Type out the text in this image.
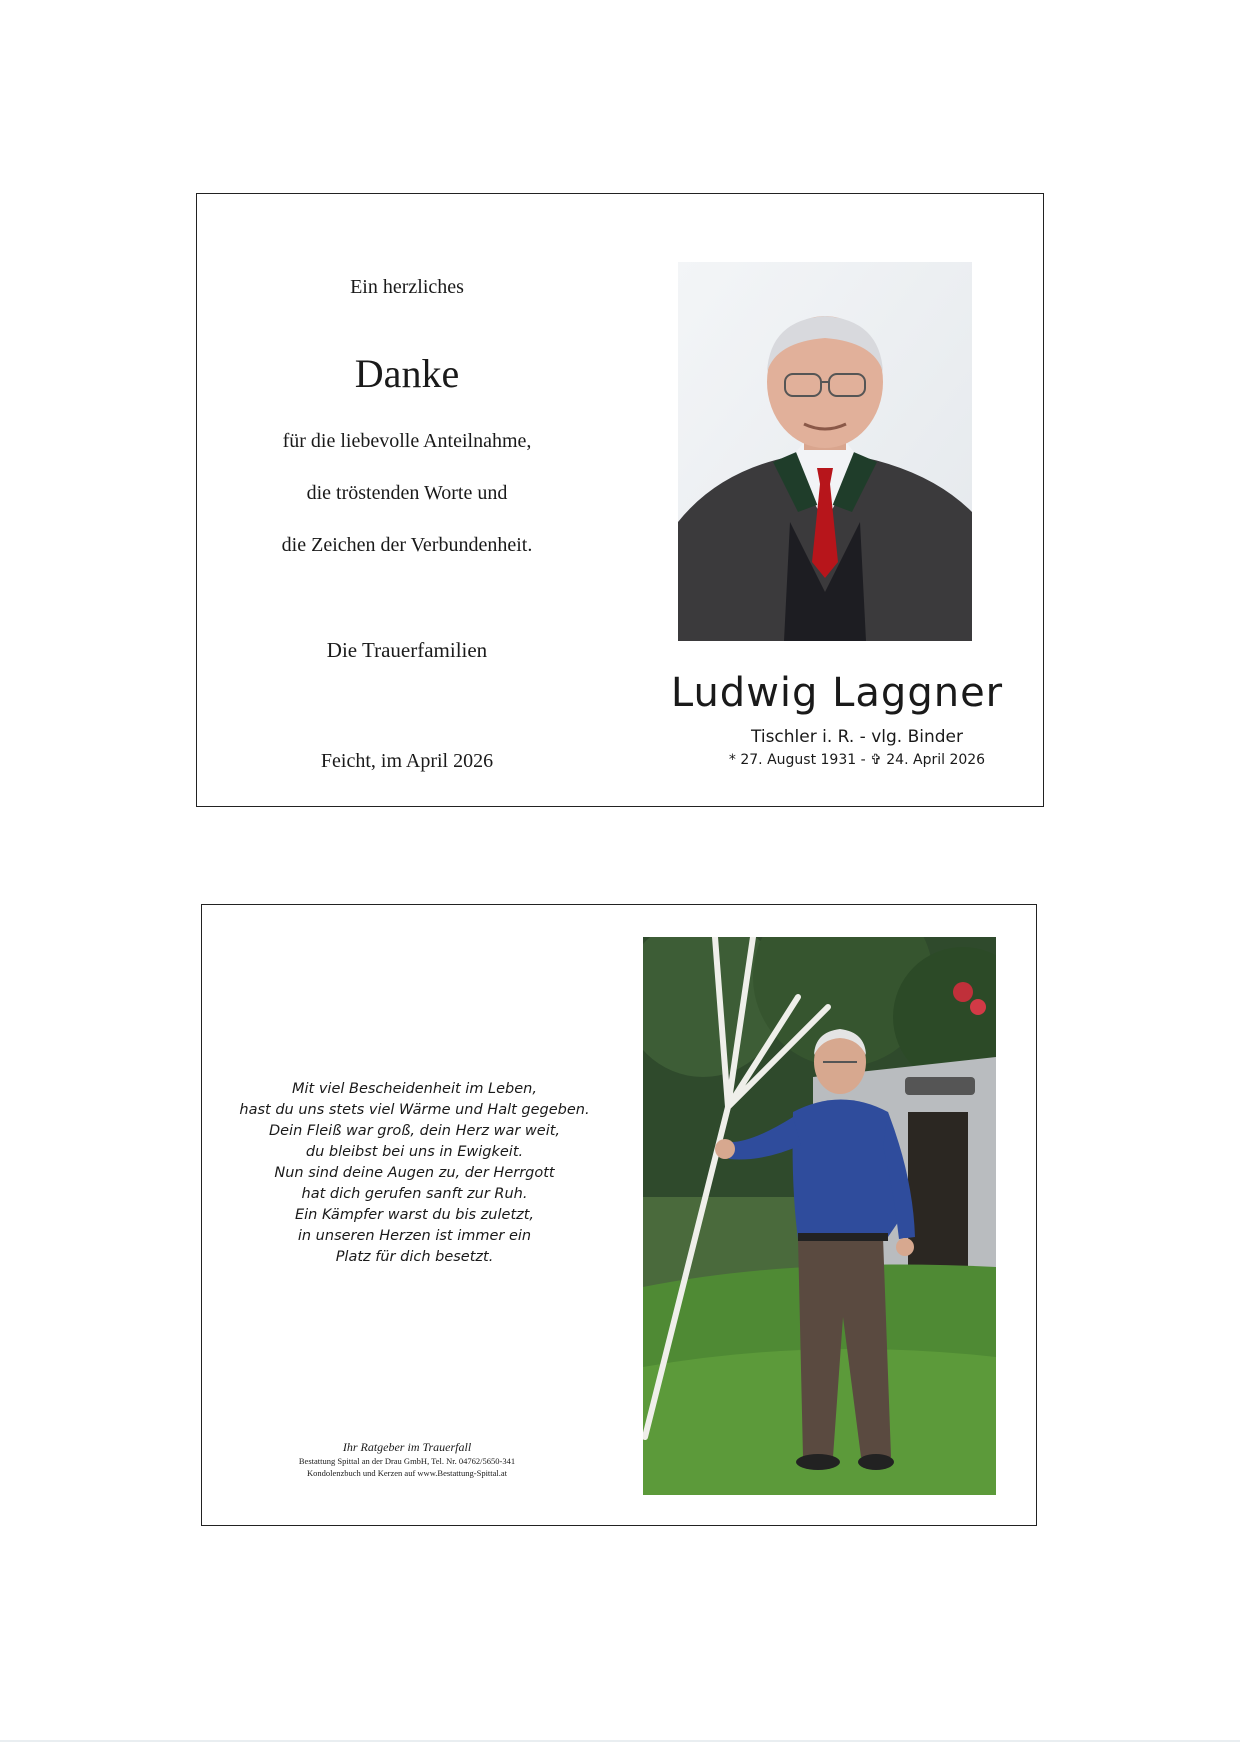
Ein herzliches
Danke
für die liebevolle Anteilnahme,
die tröstenden Worte und
die Zeichen der Verbundenheit.
Die Trauerfamilien
Feicht, im April 2026
Ludwig Laggner
Tischler i. R. - vlg. Binder
* 27. August 1931 - ✞ 24. April 2026
Mit viel Bescheidenheit im Leben,
hast du uns stets viel Wärme und Halt gegeben.
Dein Fleiß war groß, dein Herz war weit,
du bleibst bei uns in Ewigkeit.
Nun sind deine Augen zu, der Herrgott
hat dich gerufen sanft zur Ruh.
Ein Kämpfer warst du bis zuletzt,
in unseren Herzen ist immer ein
Platz für dich besetzt.
Ihr Ratgeber im Trauerfall
Bestattung Spittal an der Drau GmbH, Tel. Nr. 04762/5650-341
Kondolenzbuch und Kerzen auf www.Bestattung-Spittal.at
